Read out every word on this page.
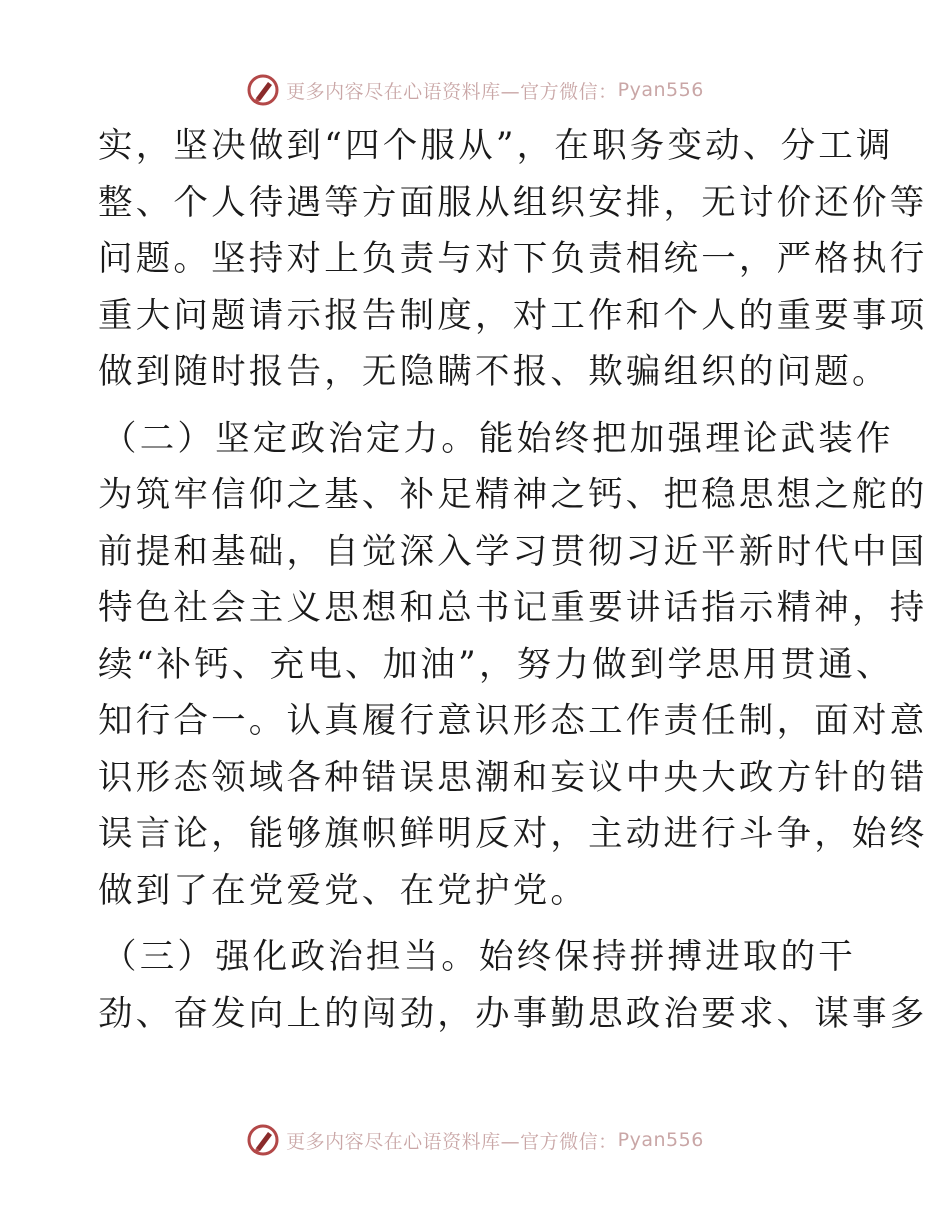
更多内容尽在心语资料库—官方微信： Pyan556

实，坚决做到“四个服从”，在职务变动、分工调
整、个人待遇等方面服从组织安排，无讨价还价等
问题。坚持对上负责与对下负责相统一，严格执行
重大问题请示报告制度，对工作和个人的重要事项
做到随时报告，无隐瞒不报、欺骗组织的问题。

（二）坚定政治定力。能始终把加强理论武装作
为筑牢信仰之基、补足精神之钙、把稳思想之舵的
前提和基础，自觉深入学习贯彻习近平新时代中国
特色社会主义思想和总书记重要讲话指示精神，持
续“补钙、充电、加油”，努力做到学思用贯通、
知行合一。认真履行意识形态工作责任制，面对意
识形态领域各种错误思潮和妄议中央大政方针的错
误言论，能够旗帜鲜明反对，主动进行斗争，始终
做到了在党爱党、在党护党。

（三）强化政治担当。始终保持拼搏进取的干
劲、奋发向上的闯劲，办事勤思政治要求、谋事多

更多内容尽在心语资料库—官方微信： Pyan556
